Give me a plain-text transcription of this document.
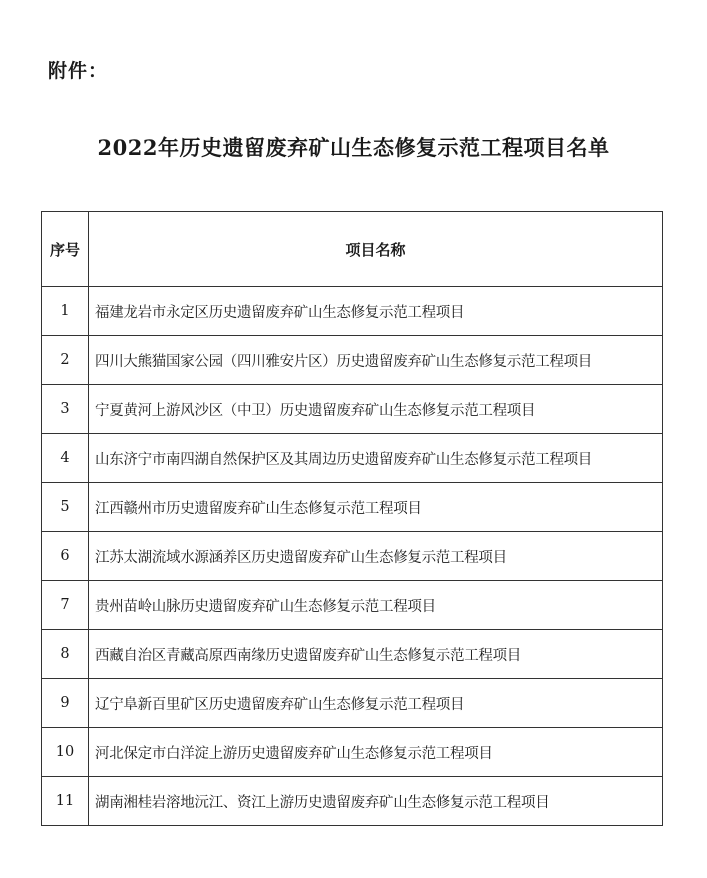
附件：
2022年历史遗留废弃矿山生态修复示范工程项目名单
序号	项目名称
1	福建龙岩市永定区历史遗留废弃矿山生态修复示范工程项目
2	四川大熊猫国家公园（四川雅安片区）历史遗留废弃矿山生态修复示范工程项目
3	宁夏黄河上游风沙区（中卫）历史遗留废弃矿山生态修复示范工程项目
4	山东济宁市南四湖自然保护区及其周边历史遗留废弃矿山生态修复示范工程项目
5	江西赣州市历史遗留废弃矿山生态修复示范工程项目
6	江苏太湖流域水源涵养区历史遗留废弃矿山生态修复示范工程项目
7	贵州苗岭山脉历史遗留废弃矿山生态修复示范工程项目
8	西藏自治区青藏高原西南缘历史遗留废弃矿山生态修复示范工程项目
9	辽宁阜新百里矿区历史遗留废弃矿山生态修复示范工程项目
10	河北保定市白洋淀上游历史遗留废弃矿山生态修复示范工程项目
11	湖南湘桂岩溶地沅江、资江上游历史遗留废弃矿山生态修复示范工程项目
